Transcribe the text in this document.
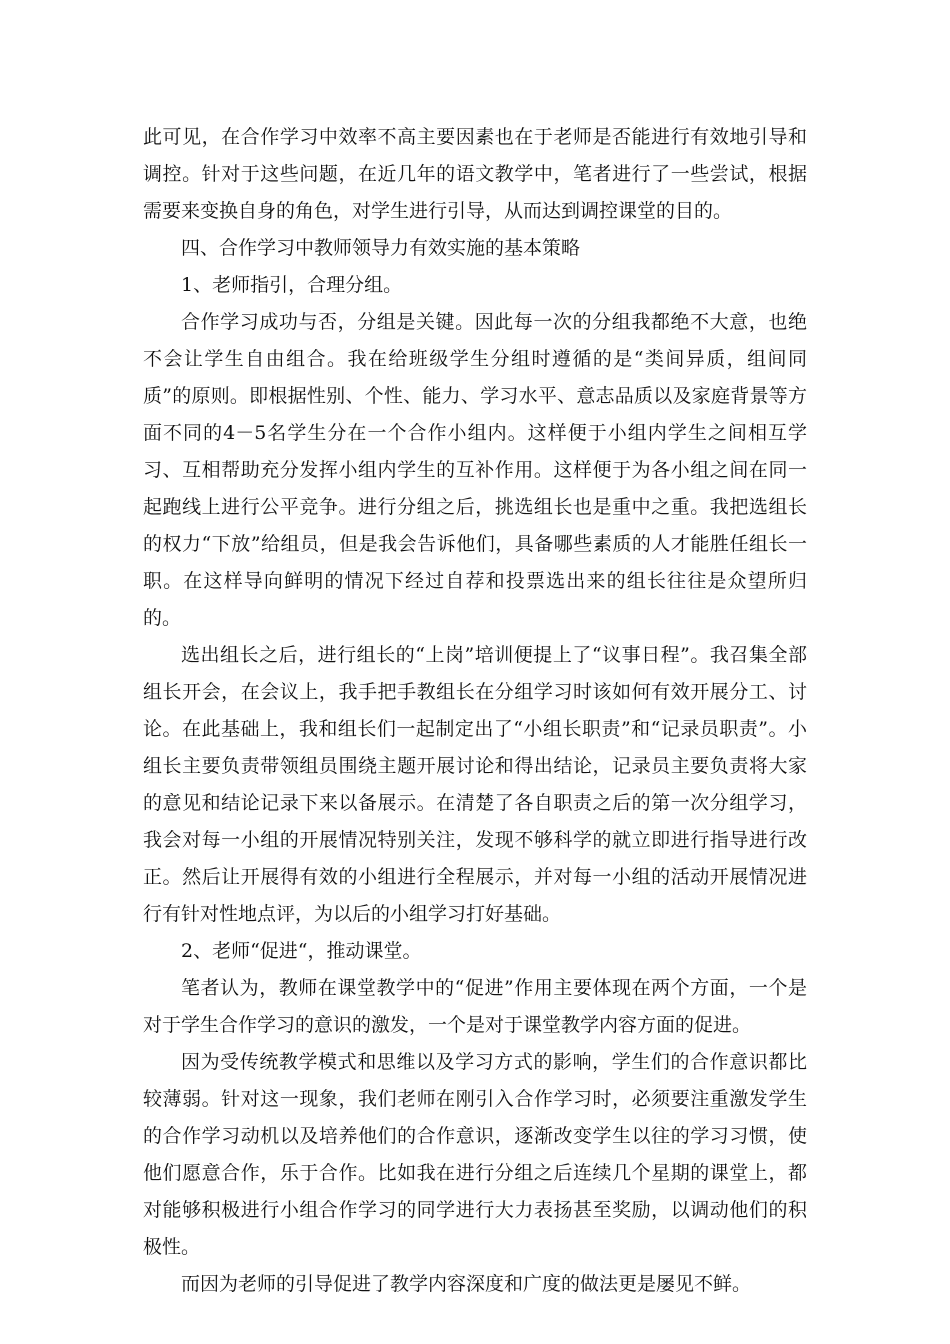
此可见，在合作学习中效率不高主要因素也在于老师是否能进行有效地引导和调控。针对于这些问题，在近几年的语文教学中，笔者进行了一些尝试，根据需要来变换自身的角色，对学生进行引导，从而达到调控课堂的目的。

四、合作学习中教师领导力有效实施的基本策略

1、老师指引，合理分组。

合作学习成功与否，分组是关键。因此每一次的分组我都绝不大意，也绝不会让学生自由组合。我在给班级学生分组时遵循的是“类间异质，组间同质”的原则。即根据性别、个性、能力、学习水平、意志品质以及家庭背景等方面不同的4－5名学生分在一个合作小组内。这样便于小组内学生之间相互学习、互相帮助充分发挥小组内学生的互补作用。这样便于为各小组之间在同一起跑线上进行公平竞争。进行分组之后，挑选组长也是重中之重。我把选组长的权力“下放”给组员，但是我会告诉他们，具备哪些素质的人才能胜任组长一职。在这样导向鲜明的情况下经过自荐和投票选出来的组长往往是众望所归的。

选出组长之后，进行组长的“上岗”培训便提上了“议事日程”。我召集全部组长开会，在会议上，我手把手教组长在分组学习时该如何有效开展分工、讨论。在此基础上，我和组长们一起制定出了“小组长职责”和“记录员职责”。小组长主要负责带领组员围绕主题开展讨论和得出结论，记录员主要负责将大家的意见和结论记录下来以备展示。在清楚了各自职责之后的第一次分组学习，我会对每一小组的开展情况特别关注，发现不够科学的就立即进行指导进行改正。然后让开展得有效的小组进行全程展示，并对每一小组的活动开展情况进行有针对性地点评，为以后的小组学习打好基础。

2、老师“促进“，推动课堂。

笔者认为，教师在课堂教学中的“促进”作用主要体现在两个方面，一个是对于学生合作学习的意识的激发，一个是对于课堂教学内容方面的促进。

因为受传统教学模式和思维以及学习方式的影响，学生们的合作意识都比较薄弱。针对这一现象，我们老师在刚引入合作学习时，必须要注重激发学生的合作学习动机以及培养他们的合作意识，逐渐改变学生以往的学习习惯，使他们愿意合作，乐于合作。比如我在进行分组之后连续几个星期的课堂上，都对能够积极进行小组合作学习的同学进行大力表扬甚至奖励，以调动他们的积极性。

而因为老师的引导促进了教学内容深度和广度的做法更是屡见不鲜。
